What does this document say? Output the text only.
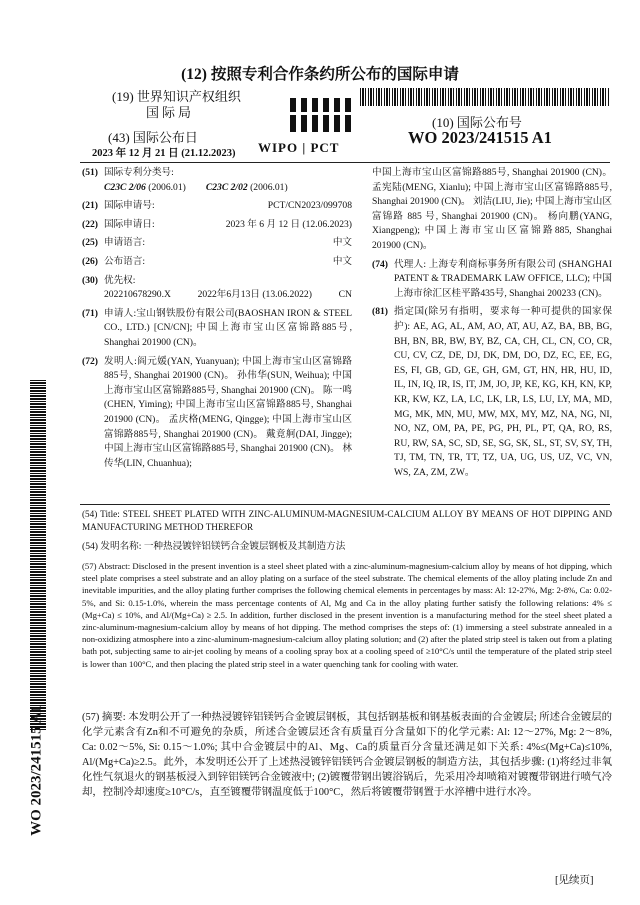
(12) 按照专利合作条约所公布的国际申请
(19) 世界知识产权组织
国际局
(43) 国际公布日
2023 年 12 月 21 日 (21.12.2023) WIPO | PCT
(10) 国际公布号
WO 2023/241515 A1
(51) 国际专利分类号:
C23C 2/06 (2006.01) C23C 2/02 (2006.01)
(21) 国际申请号:	PCT/CN2023/099708
(22) 国际申请日:	2023 年 6 月 12 日 (12.06.2023)
(25) 申请语言:	中文
(26) 公布语言:	中文
(30) 优先权:
202210678290.X	2022年6月13日 (13.06.2022)	CN
(71) 申请人:宝山钢铁股份有限公司(BAOSHAN IRON & STEEL CO., LTD.) [CN/CN]; 中国上海市宝山区富锦路885号, Shanghai 201900 (CN)。
(72) 发明人:阎元媛(YAN, Yuanyuan); 中国上海市宝山区富锦路885号, Shanghai 201900 (CN)。 孙伟华(SUN, Weihua); 中国上海市宝山区富锦路885号, Shanghai 201900 (CN)。 陈一鸣 (CHEN, Yiming); 中国上海市宝山区富锦路885号, Shanghai 201900 (CN)。 孟庆格(MENG, Qingge); 中国上海市宝山区富锦路885号, Shanghai 201900 (CN)。 戴竟舸(DAI, Jingge); 中国上海市宝山区富锦路885号, Shanghai 201900 (CN)。 林传华(LIN, Chuanhua);
中国上海市宝山区富锦路885号, Shanghai 201900 (CN)。 孟宪陆(MENG, Xianlu); 中国上海市宝山区富锦路885号, Shanghai 201900 (CN)。 刘洁(LIU, Jie); 中国上海市宝山区富锦路 885 号, Shanghai 201900 (CN)。 杨向鹏(YANG, Xiangpeng); 中国上海市宝山区富锦路885, Shanghai 201900 (CN)。
(74) 代理人: 上海专利商标事务所有限公司 (SHANGHAI PATENT & TRADEMARK LAW OFFICE, LLC); 中国上海市徐汇区桂平路435号, Shanghai 200233 (CN)。
(81) 指定国(除另有指明，要求每一种可提供的国家保护): AE, AG, AL, AM, AO, AT, AU, AZ, BA, BB, BG, BH, BN, BR, BW, BY, BZ, CA, CH, CL, CN, CO, CR, CU, CV, CZ, DE, DJ, DK, DM, DO, DZ, EC, EE, EG, ES, FI, GB, GD, GE, GH, GM, GT, HN, HR, HU, ID, IL, IN, IQ, IR, IS, IT, JM, JO, JP, KE, KG, KH, KN, KP, KR, KW, KZ, LA, LC, LK, LR, LS, LU, LY, MA, MD, MG, MK, MN, MU, MW, MX, MY, MZ, NA, NG, NI, NO, NZ, OM, PA, PE, PG, PH, PL, PT, QA, RO, RS, RU, RW, SA, SC, SD, SE, SG, SK, SL, ST, SV, SY, TH, TJ, TM, TN, TR, TT, TZ, UA, UG, US, UZ, VC, VN, WS, ZA, ZM, ZW。
WO 2023/241515 A1
(54) Title: STEEL SHEET PLATED WITH ZINC-ALUMINUM-MAGNESIUM-CALCIUM ALLOY BY MEANS OF HOT DIPPING AND MANUFACTURING METHOD THEREFOR
(54) 发明名称: 一种热浸镀锌铝镁钙合金镀层钢板及其制造方法
(57) Abstract: Disclosed in the present invention is a steel sheet plated with a zinc-aluminum-magnesium-calcium alloy by means of hot dipping, which steel plate comprises a steel substrate and an alloy plating on a surface of the steel substrate. The chemical elements of the alloy plating include Zn and inevitable impurities, and the alloy plating further comprises the following chemical elements in percentages by mass: Al: 12-27%, Mg: 2-8%, Ca: 0.02-5%, and Si: 0.15-1.0%, wherein the mass percentage contents of Al, Mg and Ca in the alloy plating further satisfy the following relations: 4% ≤ (Mg+Ca) ≤ 10%, and Al/(Mg+Ca) ≥ 2.5. In addition, further disclosed in the present invention is a manufacturing method for the steel sheet plated a zinc-aluminum-magnesium-calcium alloy by means of hot dipping. The method comprises the steps of: (1) immersing a steel substrate annealed in a non-oxidizing atmosphere into a zinc-aluminum-magnesium-calcium alloy plating solution; and (2) after the plated strip steel is taken out from a plating bath pot, subjecting same to air-jet cooling by means of a cooling spray box at a cooling speed of ≥10°C/s until the temperature of the plated strip steel is lower than 100°C, and then placing the plated strip steel in a water quenching tank for cooling with water.
(57) 摘要: 本发明公开了一种热浸镀锌铝镁钙合金镀层钢板，其包括钢基板和钢基板表面的合金镀层; 所述合金镀层的化学元素含有Zn和不可避免的杂质，所述合金镀层还含有质量百分含量如下的化学元素: Al: 12～27%, Mg: 2～8%, Ca: 0.02～5%, Si: 0.15～1.0%; 其中合金镀层中的Al、Mg、Ca的质量百分含量还满足如下关系: 4%≤(Mg+Ca)≤10%, Al/(Mg+Ca)≥2.5。此外，本发明还公开了上述热浸镀锌铝镁钙合金镀层钢板的制造方法，其包括步骤: (1)将经过非氧化性气氛退火的钢基板浸入到锌铝镁钙合金镀液中; (2)镀覆带钢出镀浴锅后，先采用冷却喷箱对镀覆带钢进行喷气冷却，控制冷却速度≥10°C/s，直至镀覆带钢温度低于100°C，然后将镀覆带钢置于水淬槽中进行水冷。
[见续页]
